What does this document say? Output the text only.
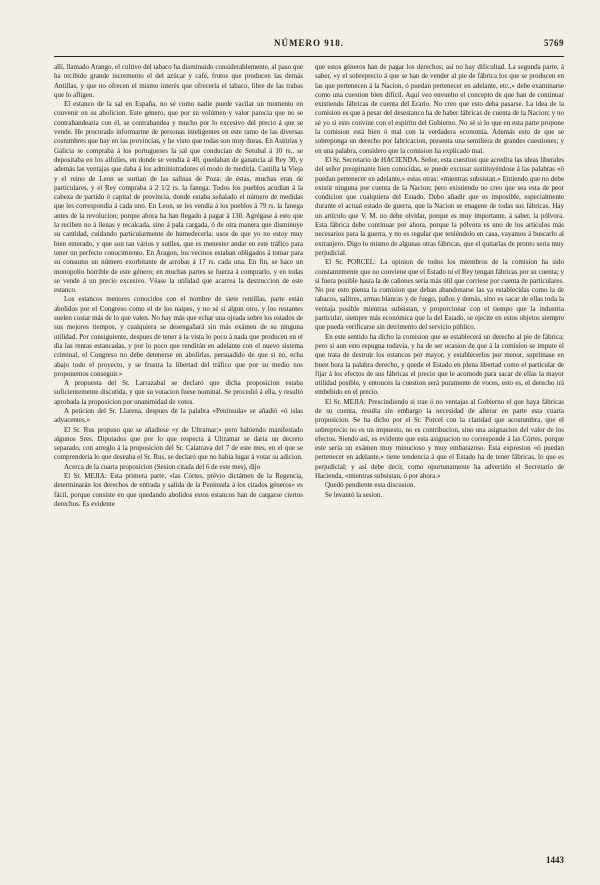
NÚMERO 918.	5769

allí, llamado Arango, el cultivo del tabaco ha disminuido considerablemente, al paso que ha recibido grande incremento el del azúcar y café, frutos que producen las demás Antillas, y que no ofrecen el mismo interés que ofrecería el tabaco, libre de las trabas que lo afligen.

El estanco de la sal en España, no sé como nadie puede vacilar un momento en convenir en su abolicion. Este género, que por su volúmen y valor parecia que no se contrabandearia con él, se contrabandea y mucho por lo excesivo del precio á que se vende. He procurado informarme de personas inteligentes en este ramo de las diversas costumbres que hay en las provincias, y he visto que todas son muy duras. En Astúrias y Galicia se compraba á los portugueses la sal que conducian de Setubal á 10 rs., se depositaba en los alfolíes, en donde se vendia á 40, quedaban de ganancia al Rey 30, y además las ventajas que daba á los administradores el modo de medirla. Castilla la Vieja y el reino de Leon se surtian de las salinas de Poza: de éstas, muchas eran de particulares, y el Rey compraba á 2 1/2 rs. la fanega. Todos los pueblos acudian á la cabeza de partido ó capital de provincia, donde estaba señalado el número de medidas que les correspondia á cada uno. En Leon, se les vendia á los pueblos á 79 rs. la fanega antes de la revolucion; porque ahora ha han llegado á pagar á 130. Agrégase á esto que la reciben no á llenas y recalcada, sino á pala cargada, ó de otra manera que disminuye su cantidad, cuidando particularmente de humedecerla: usos de que yo no estoy muy bien enterado, y que son tan varios y sutiles, que es menester andar en este tráfico para tener un perfecto conocimiento. En Aragon, los vecinos estaban obligados á tomar para su consumo un número exorbitante de arrobas á 17 rs. cada una. En fin, se hace un monopolio horrible de este género; en muchas partes se fuerza á comprarlo, y en todas se vende á un precio excesivo. Véase la utilidad que acarrea la destruccion de este estanco.

Los estancos menores conocidos con el nombre de siete rentillas, parte están abolidos por el Congreso como el de los naipes, y no sé si algun otro, y los restantes suelen costar más de lo que valen. No hay más que echar una ojeada sobre los estados de sus mejores tiempos, y cualquiera se desengañará sin más exámen de su ninguna utilidad. Por consiguiente, despues de tener á la vista lo poco á nada que producen en el dia las rentas estancadas, y por lo poco que rendirán en adelante con el nuevo sistema criminal, el Congreso no debe detenerse en abolirlas, persuadido de que si no, echa abajo todo el proyecto, y se frustra la libertad del tráfico que por su medio nos proponemos conseguir.»

A propuesta del Sr. Larrazabal se declaró que dicha proposicion estaba suficientemente discutida, y que su votacion fuese nominal. Se procedió á ella, y resultó aprobada la proposicion por unanimidad de votos.

A peticion del Sr. Llarena, despues de la palabra «Península» se añadió «ó islas adyacentes.»

El Sr. Rus propuso que se añadiese «y de Ultramar;» pero habiendo manifestado algunos Sres. Diputados que por lo que respecta á Ultramar se daria un decreto separado, con arreglo á la proposicion del Sr. Calatrava del 7 de este mes, en el que se comprenderia lo que deseaba el Sr. Rus, se declaró que no habia lugar á votar su adicion.

Acerca de la cuarta proposicion (Sesion citada del 6 de este mes), dijo

El Sr. MEJIA: Esta primera parte, «las Córtes, prévio dictámen de la Regencia, determinarán los derechos de entrada y salida de la Península á los citados géneros» es fácil, porque consiste en que quedando abolidos estos estancos han de cargarse ciertos derechos. Es evidente

que estos géneros han de pagar los derechos; así no hay dificultad. La segunda parte, á saber, «y el sobreprecio á que se han de vender al pie de fábrica los que se producen en las que pertenecen á la Nacion, ó puedan pertenecer en adelante, etc.,» debe examinarse como una cuestion bien difícil. Aquí veo envuelto el concepto de que han de continuar existiendo fábricas de cuenta del Erario. No creo que esto deba pasarse. La idea de la comision es que á pesar del desestanco ha de haber fábricas de cuenta de la Nacion; y no sé yo si esto convine con el espíritu del Gobierno. No sé si lo que en esta parte propone la comision está bien ó mal con la verdadera economía. Además esto de que se sobreponga un derecho por fabricacion, presenta una semiliera de grandes cuestiones; y en una palabra, considero que la comision ha explicado mal.

El Sr. Secretario de HACIENDA. Señor, esta cuestion que acredita las ideas liberales del señor preopinante bien conocidas, se puede excusar sustituyéndose á las palabras «ó puedan pertenecer en adelante,» estas otras: «mientras subsistan.» Entiendo que no debe existir ninguna por cuenta de la Nacion; pero existiendo no creo que sea esta de peor condicion que cualquiera del Estado. Debo añadir que es imposible, especialmente durante el actual estado de guerra, que la Nacion se enagene de todas sus fábricas. Hay un artículo que V. M. no debe olvidar, porque es muy importante, á saber, la pólvora. Esta fábrica debe continuar por ahora, porque la pólvora es uno de los artículos más necesarios para la guerra, y no es regular que teniéndolo en casa, vayamos á buscarlo al extranjero. Digo lo mismo de algunas otras fábricas, que el quitarlas de pronto seria muy perjudicial.

El Sr. PORCEL: La opinion de todos los miembros de la comision ha sido constantemente que no conviene que el Estado ni el Rey tengan fábricas por su cuenta; y si fuera posible hasta la de cañones seria más útil que corriese por cuenta de particulares. No por esto piensa la comision que deban abandonarse las ya establecidas como la de tabacos, salitres, armas blancas y de fuego, paños y demás, sino es sacar de ellas toda la ventaja posible mientras subsistan, y proporcionar con el tiempo que la industria particular, siempre más económica que la del Estado, se ejecite en estos objetos siempre que pueda verificarse sin detrimento del servicio público.

En este sentido ha dicho la comision que se establecerá un derecho al pie de fábrica; pero si aun esto repugna todavía, y ha de ser ocasion de que á la comision se impute el que trata de destruir los estancos por mayor, y establecerlos por menor, suprímase en buen hora la palabra derecho, y quede el Estado en plena libertad como el particular de fijar á los efectos de sus fábricas el precio que le acomode para sacar de ellas la mayor utilidad posible, y entonces la cuestion será puramente de voces, esto es, el derecho irá embebido en el precio.

El Sr. MEJIA: Prescindiendo si trae ó no ventajas al Gobierno el que haya fábricas de su cuenta, resulta sin embargo la necesidad de alterar en parte esta cuarta proposicion. Se ha dicho por el Sr. Porcel con la claridad que acostumbra, que el sobreprecio no es un impuesto, no es contribucion, sino una asignacion del valor de los efectos. Siendo así, es evidente que esta asignacion no corresponde á las Córtes, porque este seria un exámen muy minucioso y muy embarazoso. Esta expresion «ó puedan pertenecer en adelante,» tiene tendencia á que el Estado ha de tener fábricas, lo que es perjudicial; y así debe decir, como oportunamente ha advertido el Secretario de Hacienda, «mientras subsistan, ó por ahora.»

Quedó pendiente esta discusion.

Se levantó la sesion.

1443
